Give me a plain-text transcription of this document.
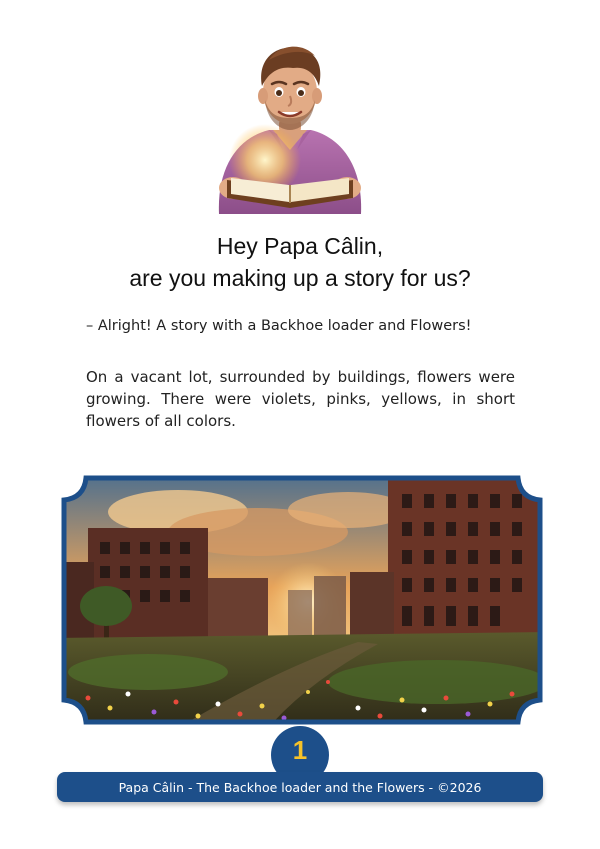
Hey Papa Câlin,
are you making up a story for us?
– Alright! A story with a Backhoe loader and Flowers!
On a vacant lot, surrounded by buildings, flowers were growing. There were violets, pinks, yellows, in short flowers of all colors.
1
Papa Câlin - The Backhoe loader and the Flowers - ©2026
